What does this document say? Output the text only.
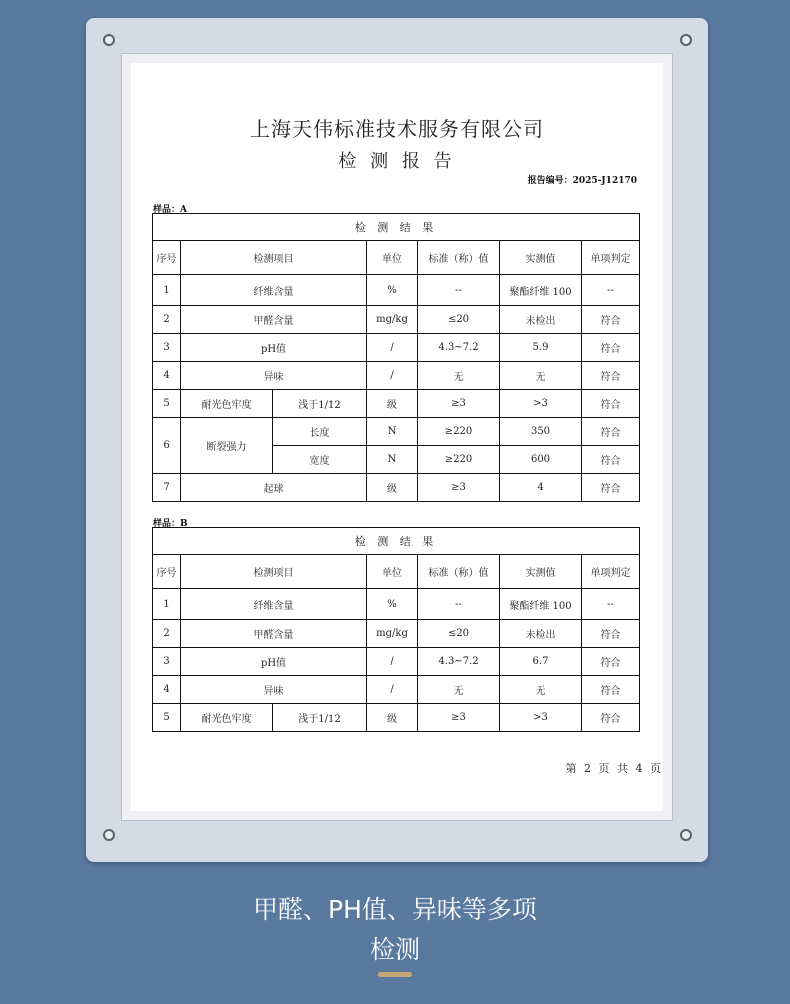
上海天伟标准技术服务有限公司
检 测 报 告
报告编号：2025-J12170
样品：A
检 测 结 果						
序号	检测项目		单位	标准（称）值	实测值	单项判定
1	纤维含量		%	--	聚酯纤维 100	--
2	甲醛含量		mg/kg	≤20	未检出	符合
3	pH值		/	4.3~7.2	5.9	符合
4	异味		/	无	无	符合
5	耐光色牢度	浅于1/12	级	≥3	>3	符合
6	断裂强力	长度	N	≥220	350	符合
		宽度	N	≥220	600	符合
7	起球		级	≥3	4	符合
样品：B
检 测 结 果						
序号	检测项目		单位	标准（称）值	实测值	单项判定
1	纤维含量		%	--	聚酯纤维 100	--
2	甲醛含量		mg/kg	≤20	未检出	符合
3	pH值		/	4.3~7.2	6.7	符合
4	异味		/	无	无	符合
5	耐光色牢度	浅于1/12	级	≥3	>3	符合
第 2 页 共 4 页
甲醛、PH值、异味等多项
检测
